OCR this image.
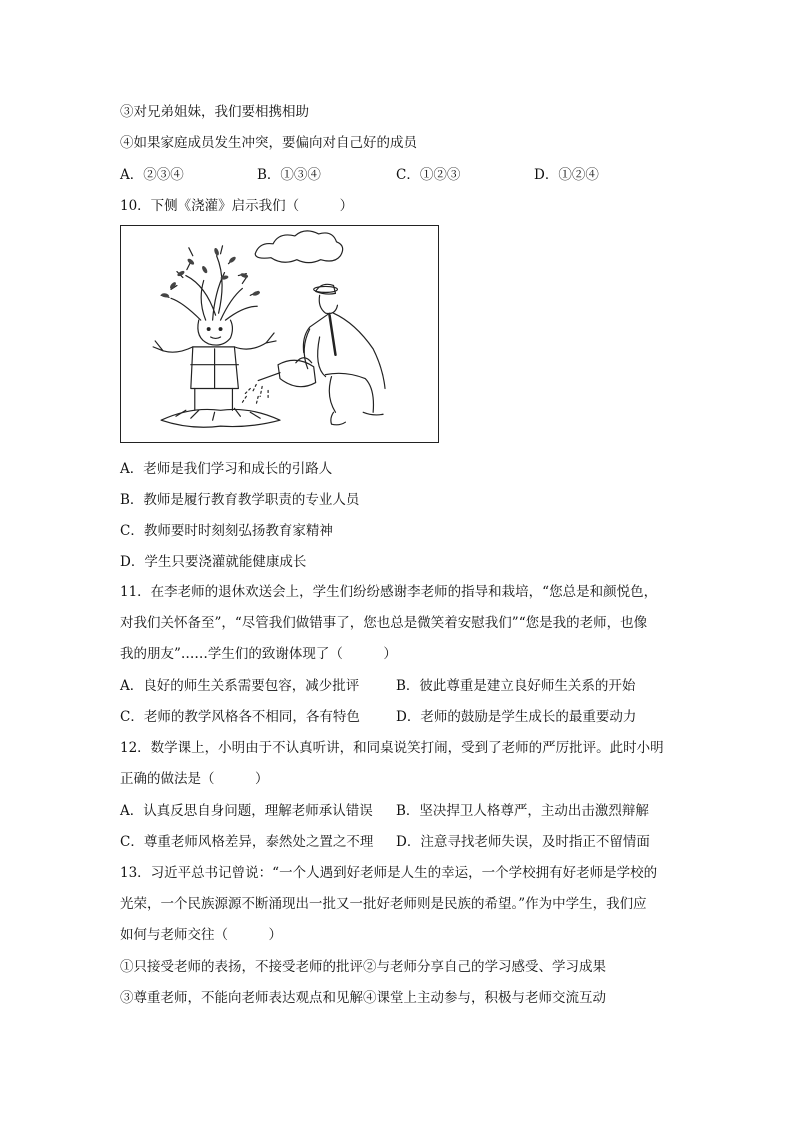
③对兄弟姐妹，我们要相携相助
④如果家庭成员发生冲突，要偏向对自己好的成员
A．②③④	B．①③④	C．①②③	D．①②④
10．下侧《浇灌》启示我们（　　　）
A．老师是我们学习和成长的引路人
B．教师是履行教育教学职责的专业人员
C．教师要时时刻刻弘扬教育家精神
D．学生只要浇灌就能健康成长
11．在李老师的退休欢送会上，学生们纷纷感谢李老师的指导和栽培，“您总是和颜悦色，
对我们关怀备至”，“尽管我们做错事了，您也总是微笑着安慰我们”“您是我的老师，也像
我的朋友”……学生们的致谢体现了（　　　）
A．良好的师生关系需要包容，减少批评	B．彼此尊重是建立良好师生关系的开始
C．老师的教学风格各不相同，各有特色	D．老师的鼓励是学生成长的最重要动力
12．数学课上，小明由于不认真听讲，和同桌说笑打闹，受到了老师的严厉批评。此时小明
正确的做法是（　　　）
A．认真反思自身问题，理解老师承认错误 B．坚决捍卫人格尊严，主动出击激烈辩解
C．尊重老师风格差异，泰然处之置之不理 D．注意寻找老师失误，及时指正不留情面
13．习近平总书记曾说：“一个人遇到好老师是人生的幸运，一个学校拥有好老师是学校的
光荣，一个民族源源不断涌现出一批又一批好老师则是民族的希望。”作为中学生，我们应
如何与老师交往（　　　）
①只接受老师的表扬，不接受老师的批评②与老师分享自己的学习感受、学习成果
③尊重老师，不能向老师表达观点和见解④课堂上主动参与，积极与老师交流互动
